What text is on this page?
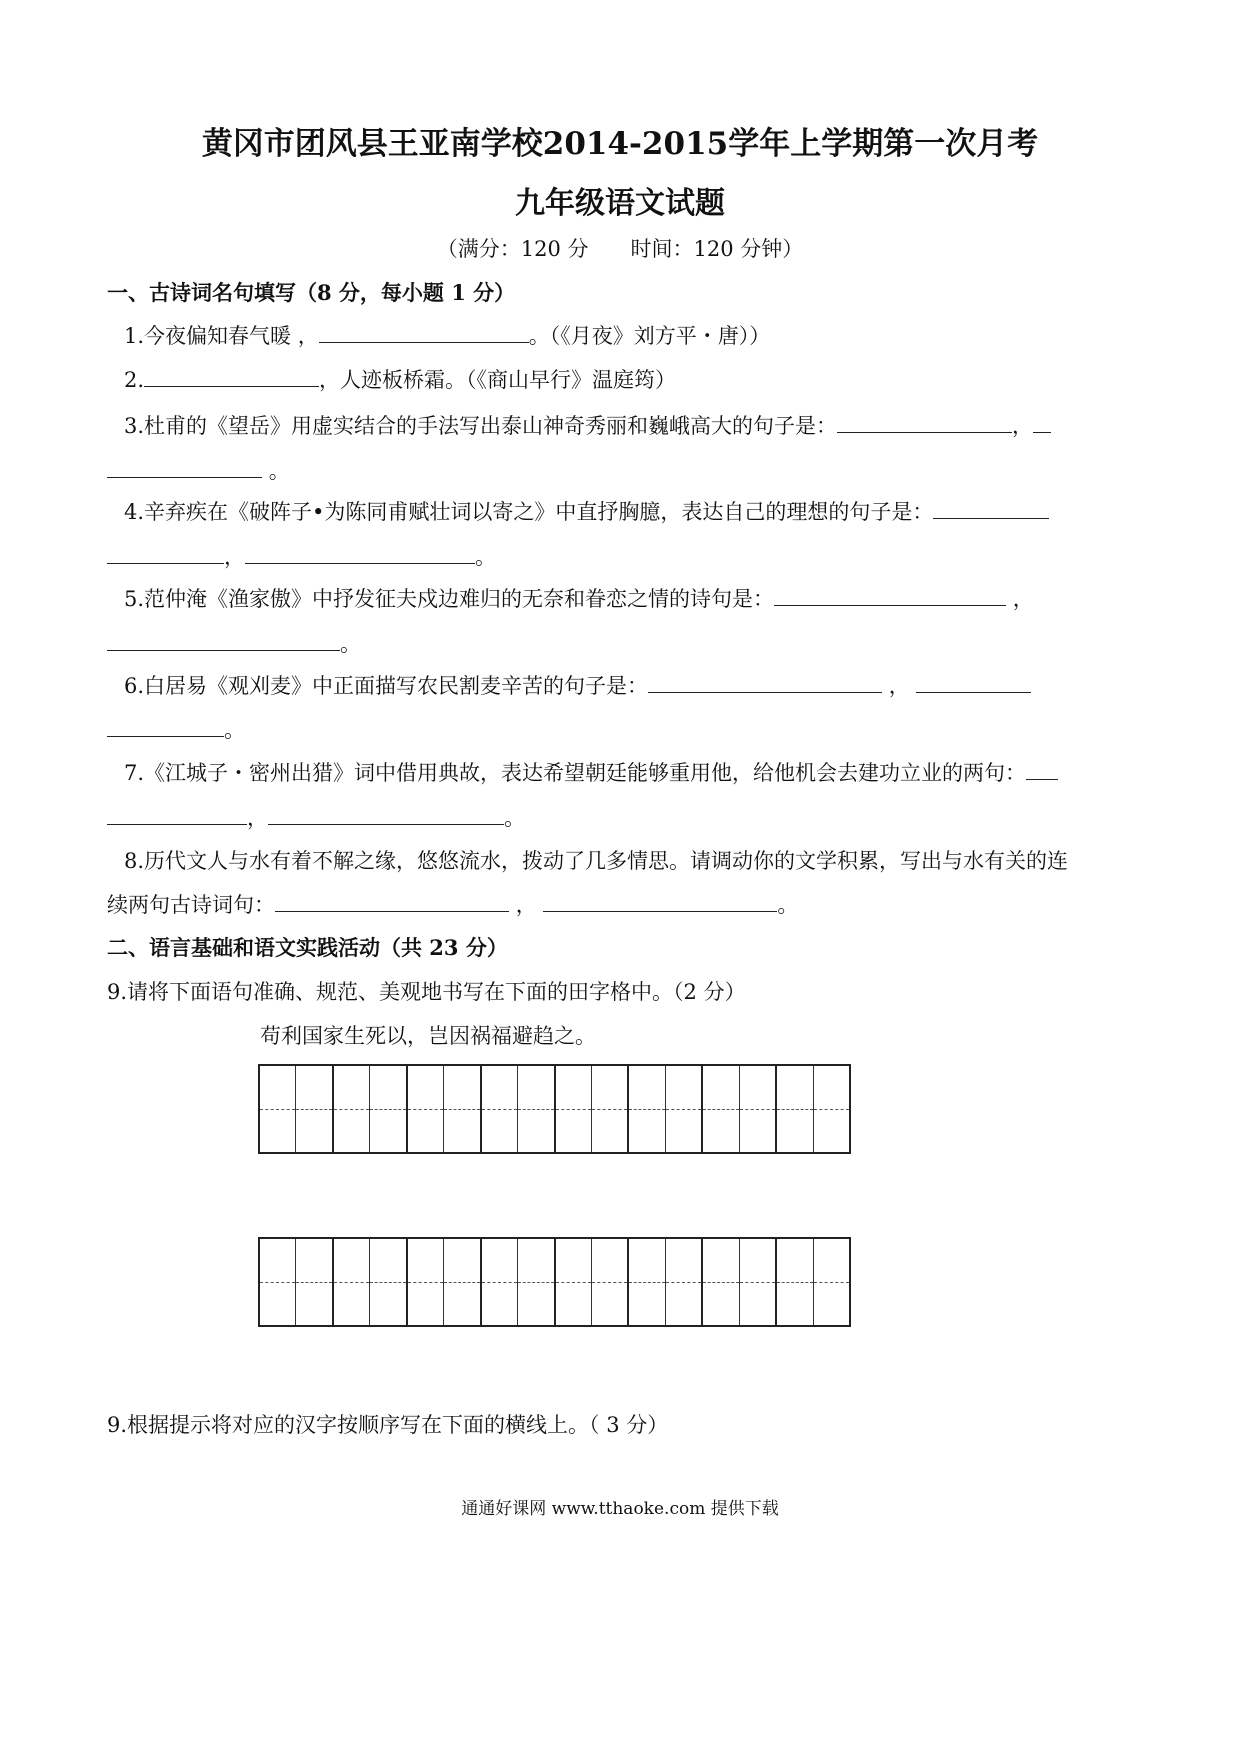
黄冈市团风县王亚南学校2014-2015学年上学期第一次月考
九年级语文试题
（满分：120 分　　时间：120 分钟）
一、古诗词名句填写（8 分，每小题 1 分）
1.今夜偏知春气暖 ，	。（《月夜》刘方平・唐））
2.	，人迹板桥霜。（《商山早行》温庭筠）
3.杜甫的《望岳》用虚实结合的手法写出泰山神奇秀丽和巍峨高大的句子是：	，
。
4.辛弃疾在《破阵子•为陈同甫赋壮词以寄之》中直抒胸臆，表达自己的理想的句子是：
，	。
5.范仲淹《渔家傲》中抒发征夫戍边难归的无奈和眷恋之情的诗句是：	，
。
6.白居易《观刈麦》中正面描写农民割麦辛苦的句子是：	，
。
7.《江城子・密州出猎》词中借用典故，表达希望朝廷能够重用他，给他机会去建功立业的两句：
，	。
8.历代文人与水有着不解之缘，悠悠流水，拨动了几多情思。请调动你的文学积累，写出与水有关的连
续两句古诗词句：	，	。
二、语言基础和语文实践活动（共 23 分）
9.请将下面语句准确、规范、美观地书写在下面的田字格中。（2 分）
苟利国家生死以，岂因祸福避趋之。
9.根据提示将对应的汉字按顺序写在下面的横线上。（ 3 分）
通通好课网 www.tthaoke.com 提供下载
